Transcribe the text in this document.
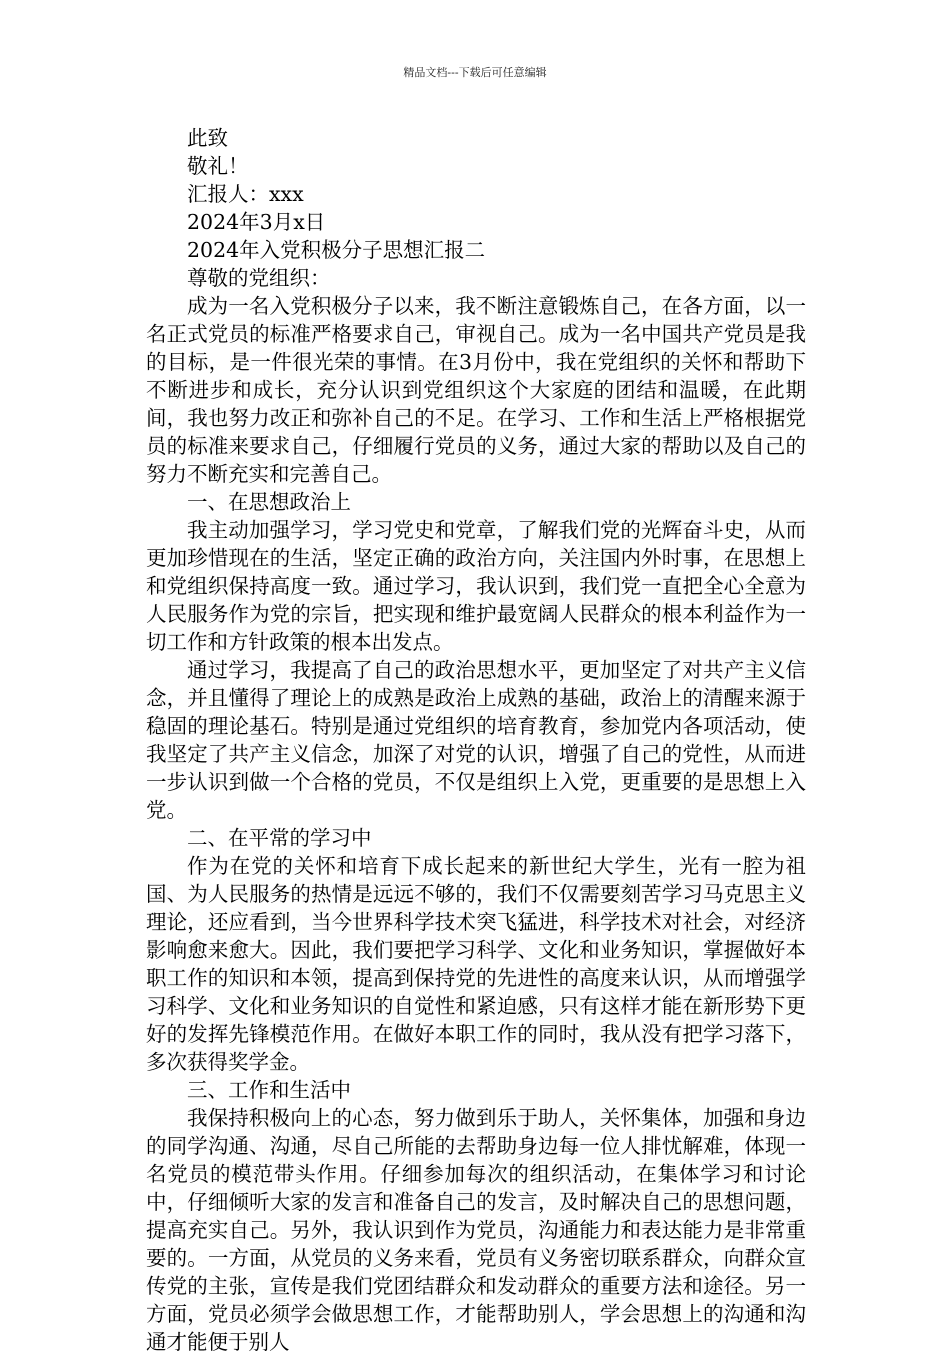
精品文档---下载后可任意编辑

此致

敬礼！

汇报人：xxx

2024年3月x日

2024年入党积极分子思想汇报二

尊敬的党组织：

成为一名入党积极分子以来，我不断注意锻炼自己，在各方面，以一名正式党员的标准严格要求自己，审视自己。成为一名中国共产党员是我的目标，是一件很光荣的事情。在3月份中，我在党组织的关怀和帮助下不断进步和成长，充分认识到党组织这个大家庭的团结和温暖，在此期间，我也努力改正和弥补自己的不足。在学习、工作和生活上严格根据党员的标准来要求自己，仔细履行党员的义务，通过大家的帮助以及自己的努力不断充实和完善自己。

一、在思想政治上

我主动加强学习，学习党史和党章，了解我们党的光辉奋斗史，从而更加珍惜现在的生活，坚定正确的政治方向，关注国内外时事，在思想上和党组织保持高度一致。通过学习，我认识到，我们党一直把全心全意为人民服务作为党的宗旨，把实现和维护最宽阔人民群众的根本利益作为一切工作和方针政策的根本出发点。

通过学习，我提高了自己的政治思想水平，更加坚定了对共产主义信念，并且懂得了理论上的成熟是政治上成熟的基础，政治上的清醒来源于稳固的理论基石。特别是通过党组织的培育教育，参加党内各项活动，使我坚定了共产主义信念，加深了对党的认识，增强了自己的党性，从而进一步认识到做一个合格的党员，不仅是组织上入党，更重要的是思想上入党。

二、在平常的学习中

作为在党的关怀和培育下成长起来的新世纪大学生，光有一腔为祖国、为人民服务的热情是远远不够的，我们不仅需要刻苦学习马克思主义理论，还应看到，当今世界科学技术突飞猛进，科学技术对社会，对经济影响愈来愈大。因此，我们要把学习科学、文化和业务知识，掌握做好本职工作的知识和本领，提高到保持党的先进性的高度来认识，从而增强学习科学、文化和业务知识的自觉性和紧迫感，只有这样才能在新形势下更好的发挥先锋模范作用。在做好本职工作的同时，我从没有把学习落下，多次获得奖学金。

三、工作和生活中

我保持积极向上的心态，努力做到乐于助人，关怀集体，加强和身边的同学沟通、沟通，尽自己所能的去帮助身边每一位人排忧解难，体现一名党员的模范带头作用。仔细参加每次的组织活动，在集体学习和讨论中，仔细倾听大家的发言和准备自己的发言，及时解决自己的思想问题，提高充实自己。另外，我认识到作为党员，沟通能力和表达能力是非常重要的。一方面，从党员的义务来看，党员有义务密切联系群众，向群众宣传党的主张，宣传是我们党团结群众和发动群众的重要方法和途径。另一方面，党员必须学会做思想工作，才能帮助别人，学会思想上的沟通和沟通才能便于别人
